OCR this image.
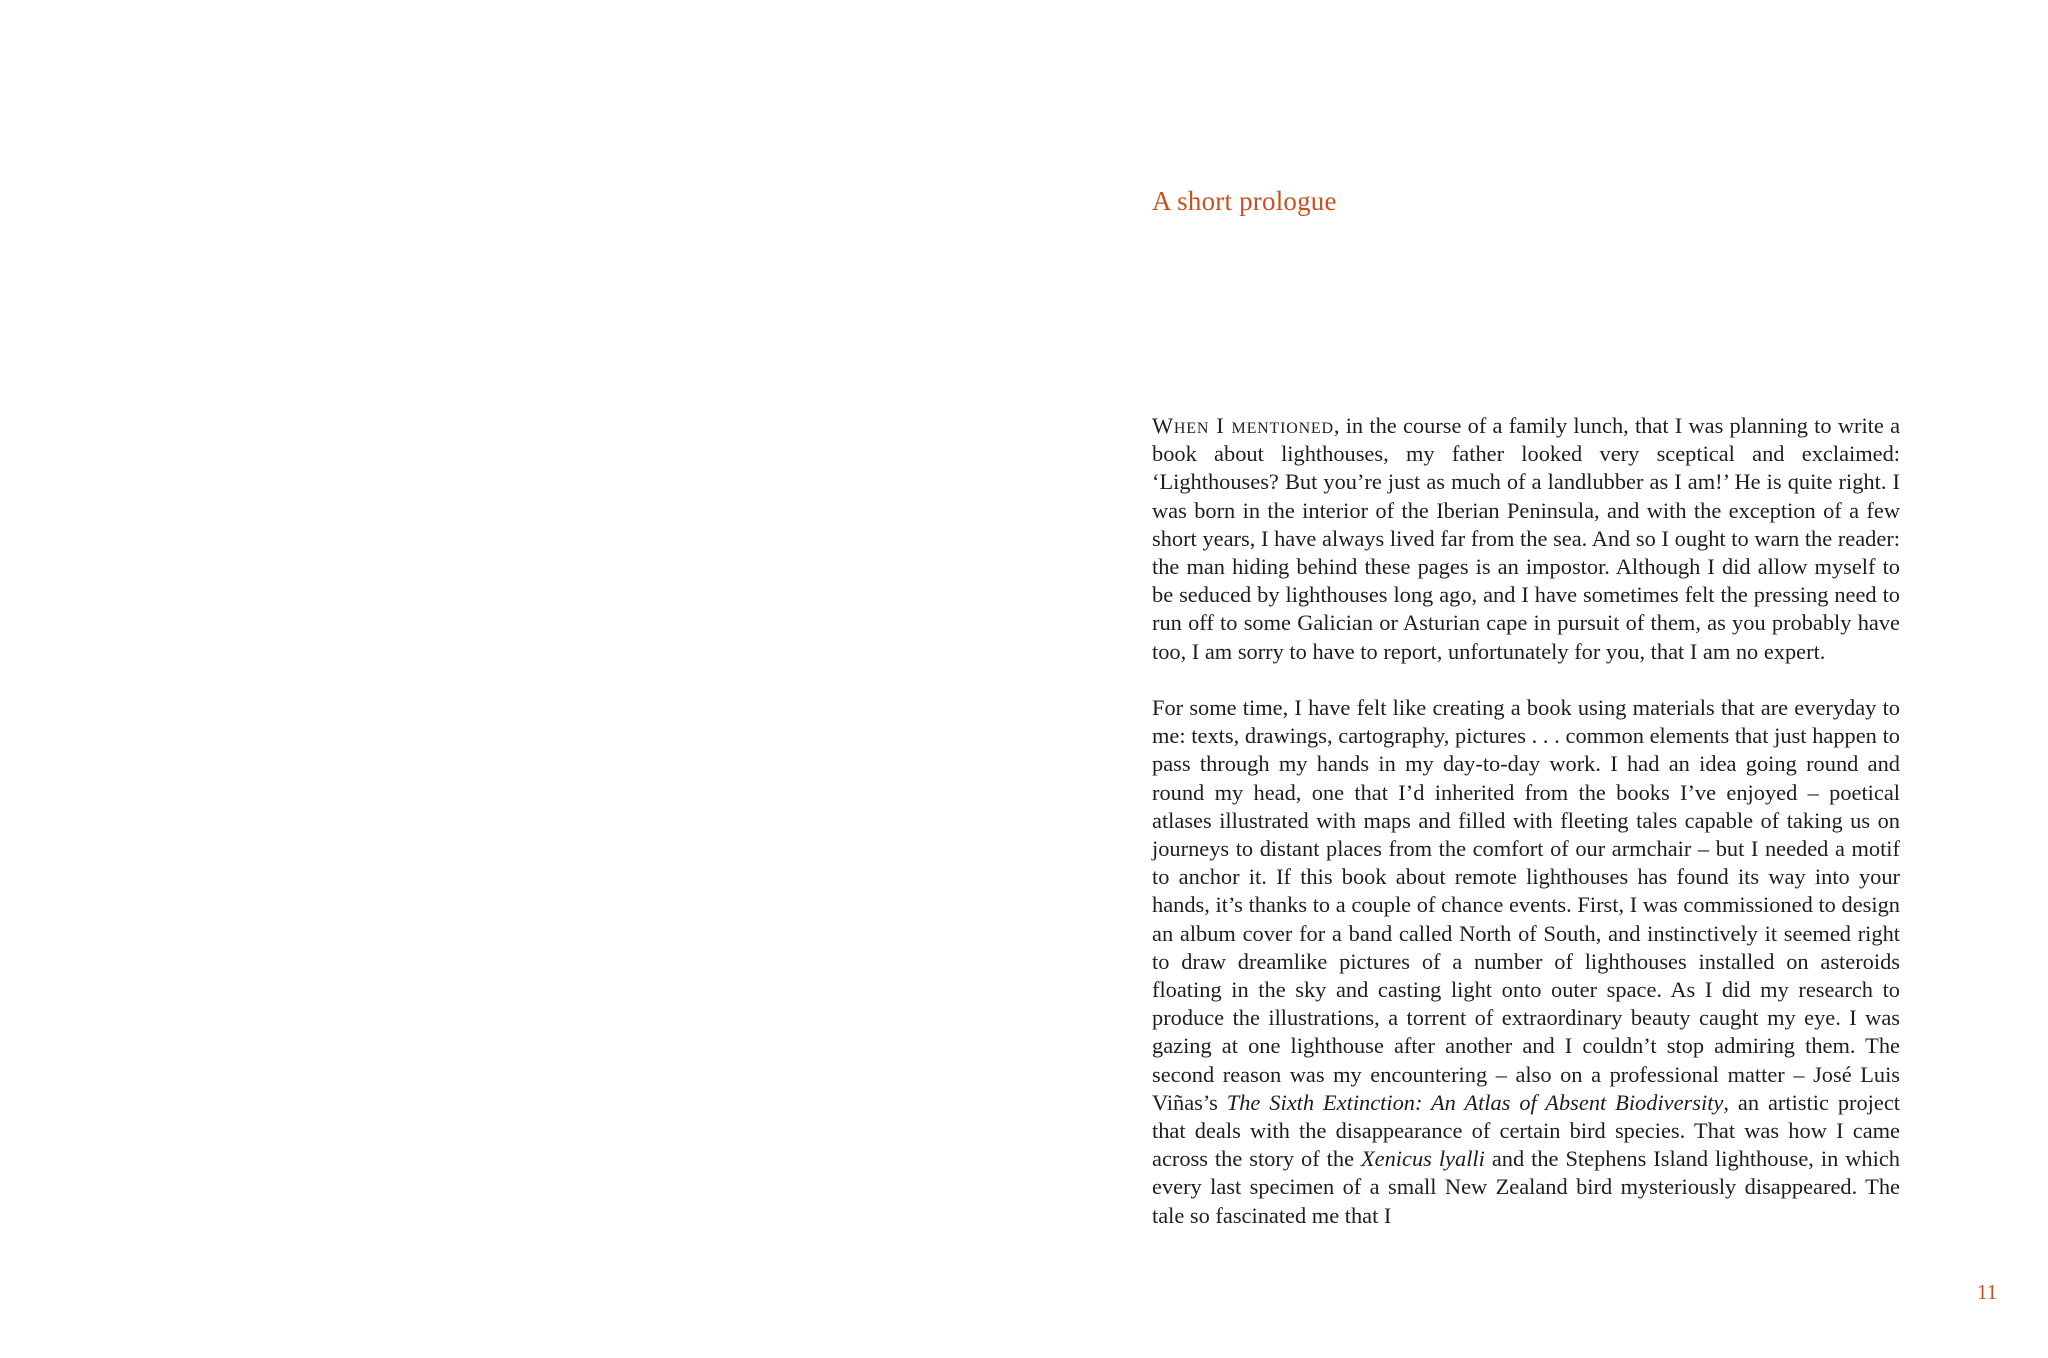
A short prologue

When I mentioned, in the course of a family lunch, that I was planning to write a book about lighthouses, my father looked very sceptical and exclaimed: ‘Lighthouses? But you’re just as much of a landlubber as I am!’ He is quite right. I was born in the interior of the Iberian Peninsula, and with the exception of a few short years, I have always lived far from the sea. And so I ought to warn the reader: the man hiding behind these pages is an impostor. Although I did allow myself to be seduced by lighthouses long ago, and I have sometimes felt the pressing need to run off to some Galician or Asturian cape in pursuit of them, as you probably have too, I am sorry to have to report, unfortunately for you, that I am no expert.

For some time, I have felt like creating a book using materials that are everyday to me: texts, drawings, cartography, pictures . . . common elements that just happen to pass through my hands in my day-to-day work. I had an idea going round and round my head, one that I’d inherited from the books I’ve enjoyed – poetical atlases illustrated with maps and filled with fleeting tales capable of taking us on journeys to distant places from the comfort of our armchair – but I needed a motif to anchor it. If this book about remote lighthouses has found its way into your hands, it’s thanks to a couple of chance events. First, I was commissioned to design an album cover for a band called North of South, and instinctively it seemed right to draw dreamlike pictures of a number of lighthouses installed on asteroids floating in the sky and casting light onto outer space. As I did my research to produce the illustrations, a torrent of extraordinary beauty caught my eye. I was gazing at one lighthouse after another and I couldn’t stop admiring them. The second reason was my encountering – also on a professional matter – José Luis Viñas’s The Sixth Extinction: An Atlas of Absent Biodiversity, an artistic project that deals with the disappearance of certain bird species. That was how I came across the story of the Xenicus lyalli and the Stephens Island lighthouse, in which every last specimen of a small New Zealand bird mysteriously disappeared. The tale so fascinated me that I

11
